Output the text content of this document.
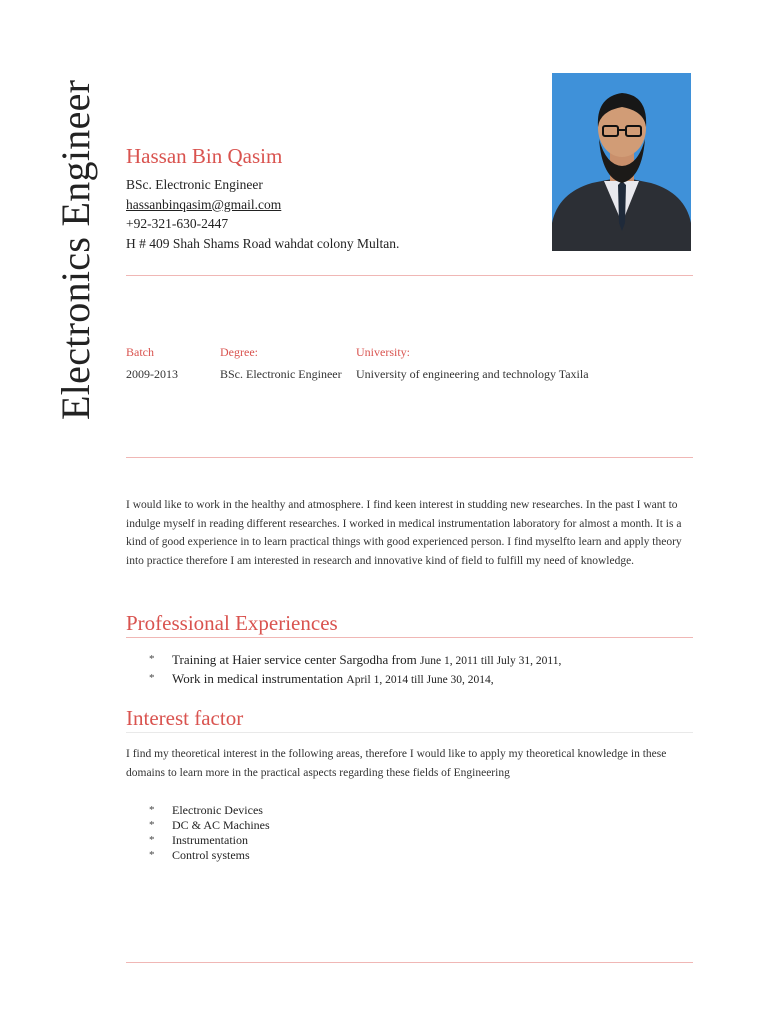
Electronics Engineer Hassan Bin Qasim
BSc. Electronic Engineer
hassanbinqasim@gmail.com
+92-321-630-2447
H # 409 Shah Shams Road wahdat colony Multan.
Batch
2009-2013
Degree:
BSc. Electronic Engineer
University:
University of engineering and technology Taxila
I would like to work in the healthy and atmosphere. I find keen interest in studding new researches. In the past I want to indulge myself in reading different researches. I worked in medical instrumentation laboratory for almost a month. It is a kind of good experience in to learn practical things with good experienced person. I find myselfto learn and apply theory into practice therefore I am interested in research and innovative kind of field to fulfill my need of knowledge.
Professional Experiences
* Training at Haier service center Sargodha from June 1, 2011 till July 31, 2011,
* Work in medical instrumentation April 1, 2014 till June 30, 2014,
Interest factor
I find my theoretical interest in the following areas, therefore I would like to apply my theoretical knowledge in these domains to learn more in the practical aspects regarding these fields of Engineering
* Electronic Devices
* DC & AC Machines
* Instrumentation
* Control systems
